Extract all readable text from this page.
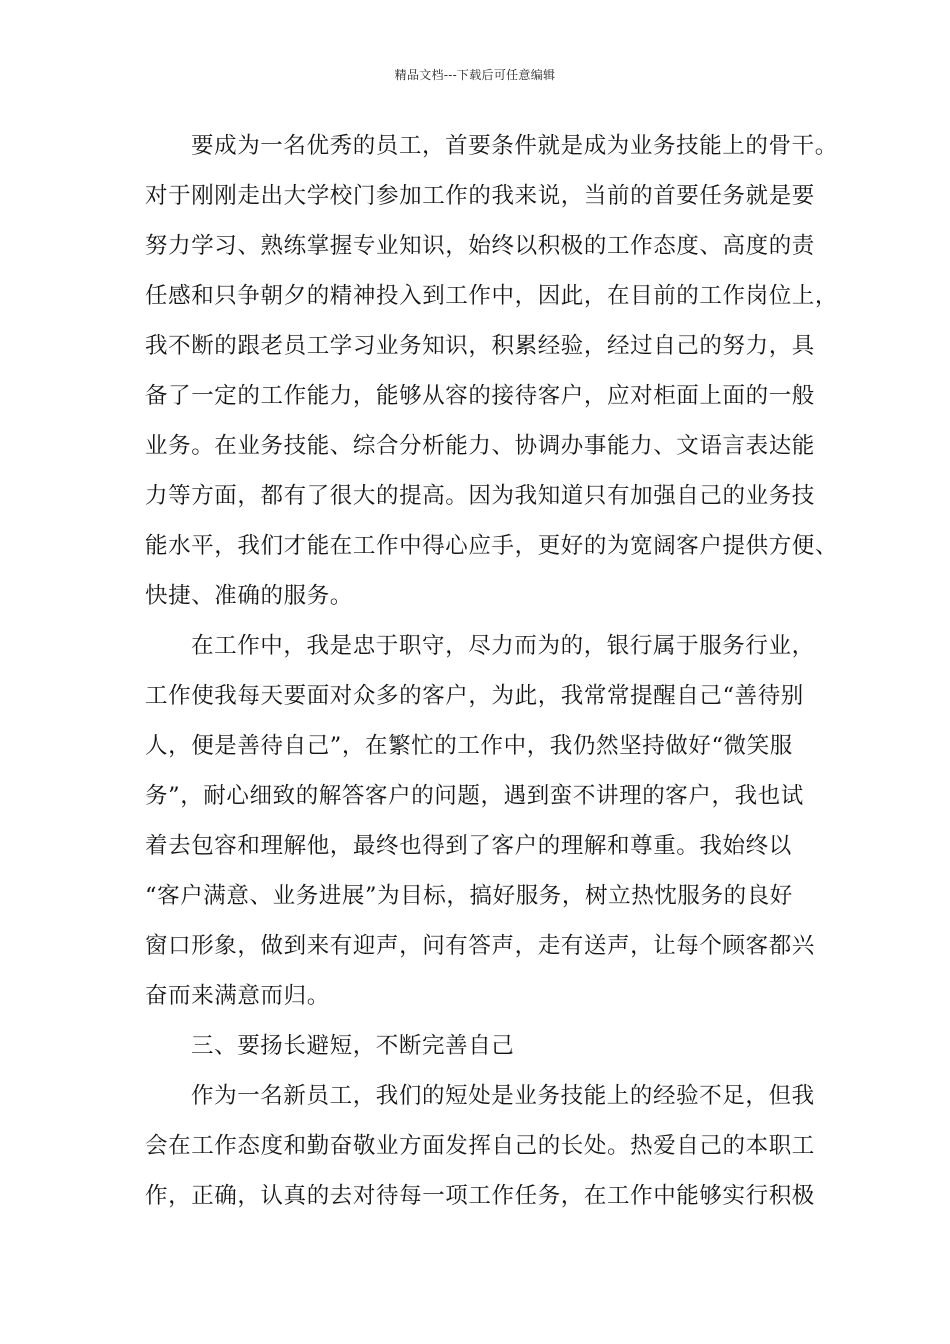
精品文档---下载后可任意编辑
要成为一名优秀的员工，首要条件就是成为业务技能上的骨干。
对于刚刚走出大学校门参加工作的我来说，当前的首要任务就是要
努力学习、熟练掌握专业知识，始终以积极的工作态度、高度的责
任感和只争朝夕的精神投入到工作中，因此，在目前的工作岗位上，
我不断的跟老员工学习业务知识，积累经验，经过自己的努力，具
备了一定的工作能力，能够从容的接待客户，应对柜面上面的一般
业务。在业务技能、综合分析能力、协调办事能力、文语言表达能
力等方面，都有了很大的提高。因为我知道只有加强自己的业务技
能水平，我们才能在工作中得心应手，更好的为宽阔客户提供方便、
快捷、准确的服务。
在工作中，我是忠于职守，尽力而为的，银行属于服务行业，
工作使我每天要面对众多的客户，为此，我常常提醒自己“善待别
人，便是善待自己”，在繁忙的工作中，我仍然坚持做好“微笑服
务”，耐心细致的解答客户的问题，遇到蛮不讲理的客户，我也试
着去包容和理解他，最终也得到了客户的理解和尊重。我始终以
“客户满意、业务进展”为目标，搞好服务，树立热忱服务的良好
窗口形象，做到来有迎声，问有答声，走有送声，让每个顾客都兴
奋而来满意而归。
三、要扬长避短，不断完善自己
作为一名新员工，我们的短处是业务技能上的经验不足，但我
会在工作态度和勤奋敬业方面发挥自己的长处。热爱自己的本职工
作，正确，认真的去对待每一项工作任务，在工作中能够实行积极
